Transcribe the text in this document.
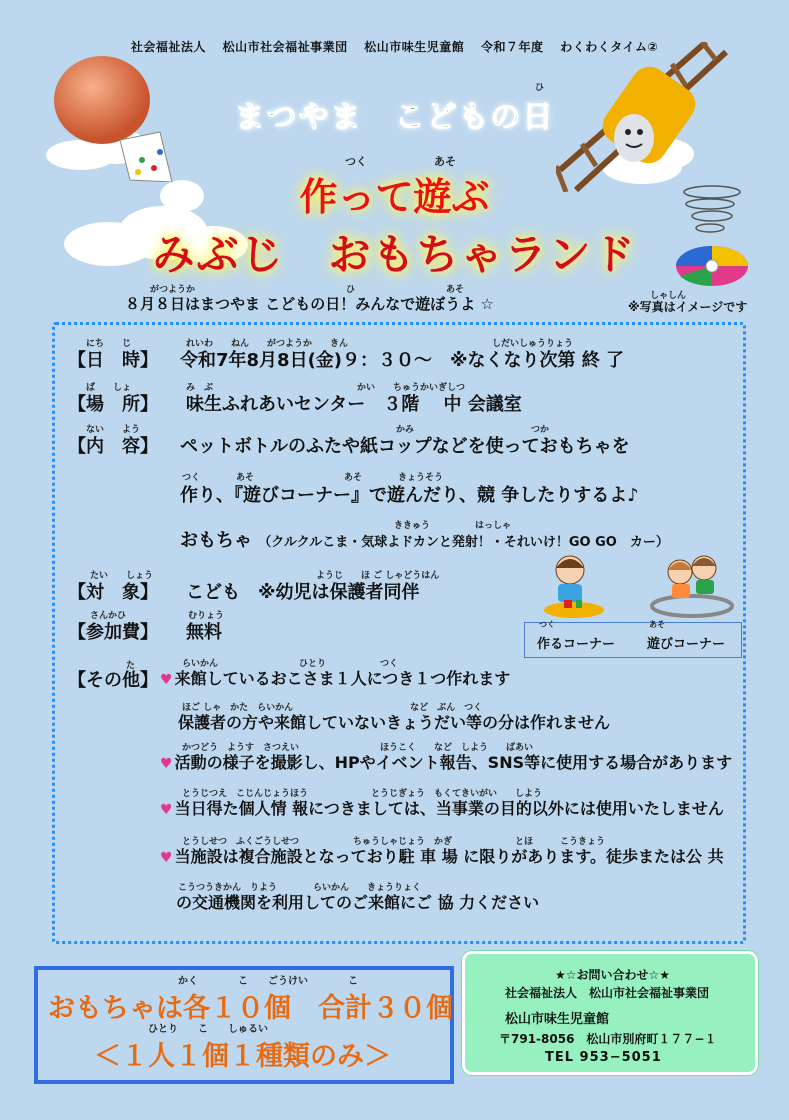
社会福祉法人 松山市社会福祉事業団 松山市味生児童館 令和７年度 わくわくタイム②
ひ
まつやま　こどもの日
つく	あそ
作って遊ぶ
みぶじ　おもちゃランド
がつようか	ひ	あそ
８月８日はまつやま こどもの日！みんなで遊ぼうよ ☆	しゃしん
※写真はイメージです
にち　　じ
【日　時】
れいわ　　ねん　　がつようか　　きん　　　　　　　　　　　　　　　　しだいしゅうりょう
令和7年8月8日(金)９：３０～　※なくなり次第 終 了
ば　　しょ
【場　所】
み　ぶ　　　　　　　　　　　　　　　　かい　　ちゅうかいぎしつ
味生ふれあいセンター　３階　 中 会議室
ない　　よう
【内　容】
かみ　　　　　　　　　　　　　つか
ペットボトルのふたや紙コップなどを使っておもちゃを
つく　　　　あそ　　　　　　　　　　あそ　　　　きょうそう
作り、『遊びコーナー』で遊んだり、競 争したりするよ♪
ききゅう　　　　　はっしゃ
おもちゃ （クルクルこま・気球よドカンと発射！・それいけ！GO GO　カー）
たい　　しょう
【対　象】
ようじ　　ほ ご しゃどうはん
こども　※幼児は保護者同伴
さんかひ
【参加費】
むりょう
無料	つく
作るコーナー
あそ
遊びコーナー
た
【その他】
らいかん　　　　　　　　　ひとり　　　　　　つく
♥ 来館しているおこさま１人につき１つ作れます
ほご しゃ　かた　らいかん　　　　　　　　　　　　　など　ぶん　つく
保護者の方や来館していないきょうだい等の分は作れません
かつどう　ようす　さつえい　　　　　　　　　ほうこく　　など　しよう　　ばあい
♥ 活動の様子を撮影し、HPやイベント報告、SNS等に使用する場合があります
とうじつえ　こじんじょうほう　　　　　　　とうじぎょう　もくてきいがい　　しよう
♥ 当日得た個人情 報につきましては、当事業の目的以外には使用いたしません
とうしせつ　ふくごうしせつ　　　　　　ちゅうしゃじょう　かぎ　　　　　　　とほ　　　こうきょう
♥ 当施設は複合施設となっており駐 車 場 に限りがあります。徒歩または公 共
こうつうきかん　りよう　　　　らいかん　　きょうりょく
の交通機関を利用してのご来館にご 協 力ください
かく　　　　こ　　ごうけい　　　　こ
おもちゃは各１０個　合計３０個
ひとり　　こ　　しゅるい
＜１人１個１種類のみ＞
★☆お問い合わせ☆★
社会福祉法人　松山市社会福祉事業団
松山市味生児童館
〒791-8056　松山市別府町１７７−１
TEL 953−5051
